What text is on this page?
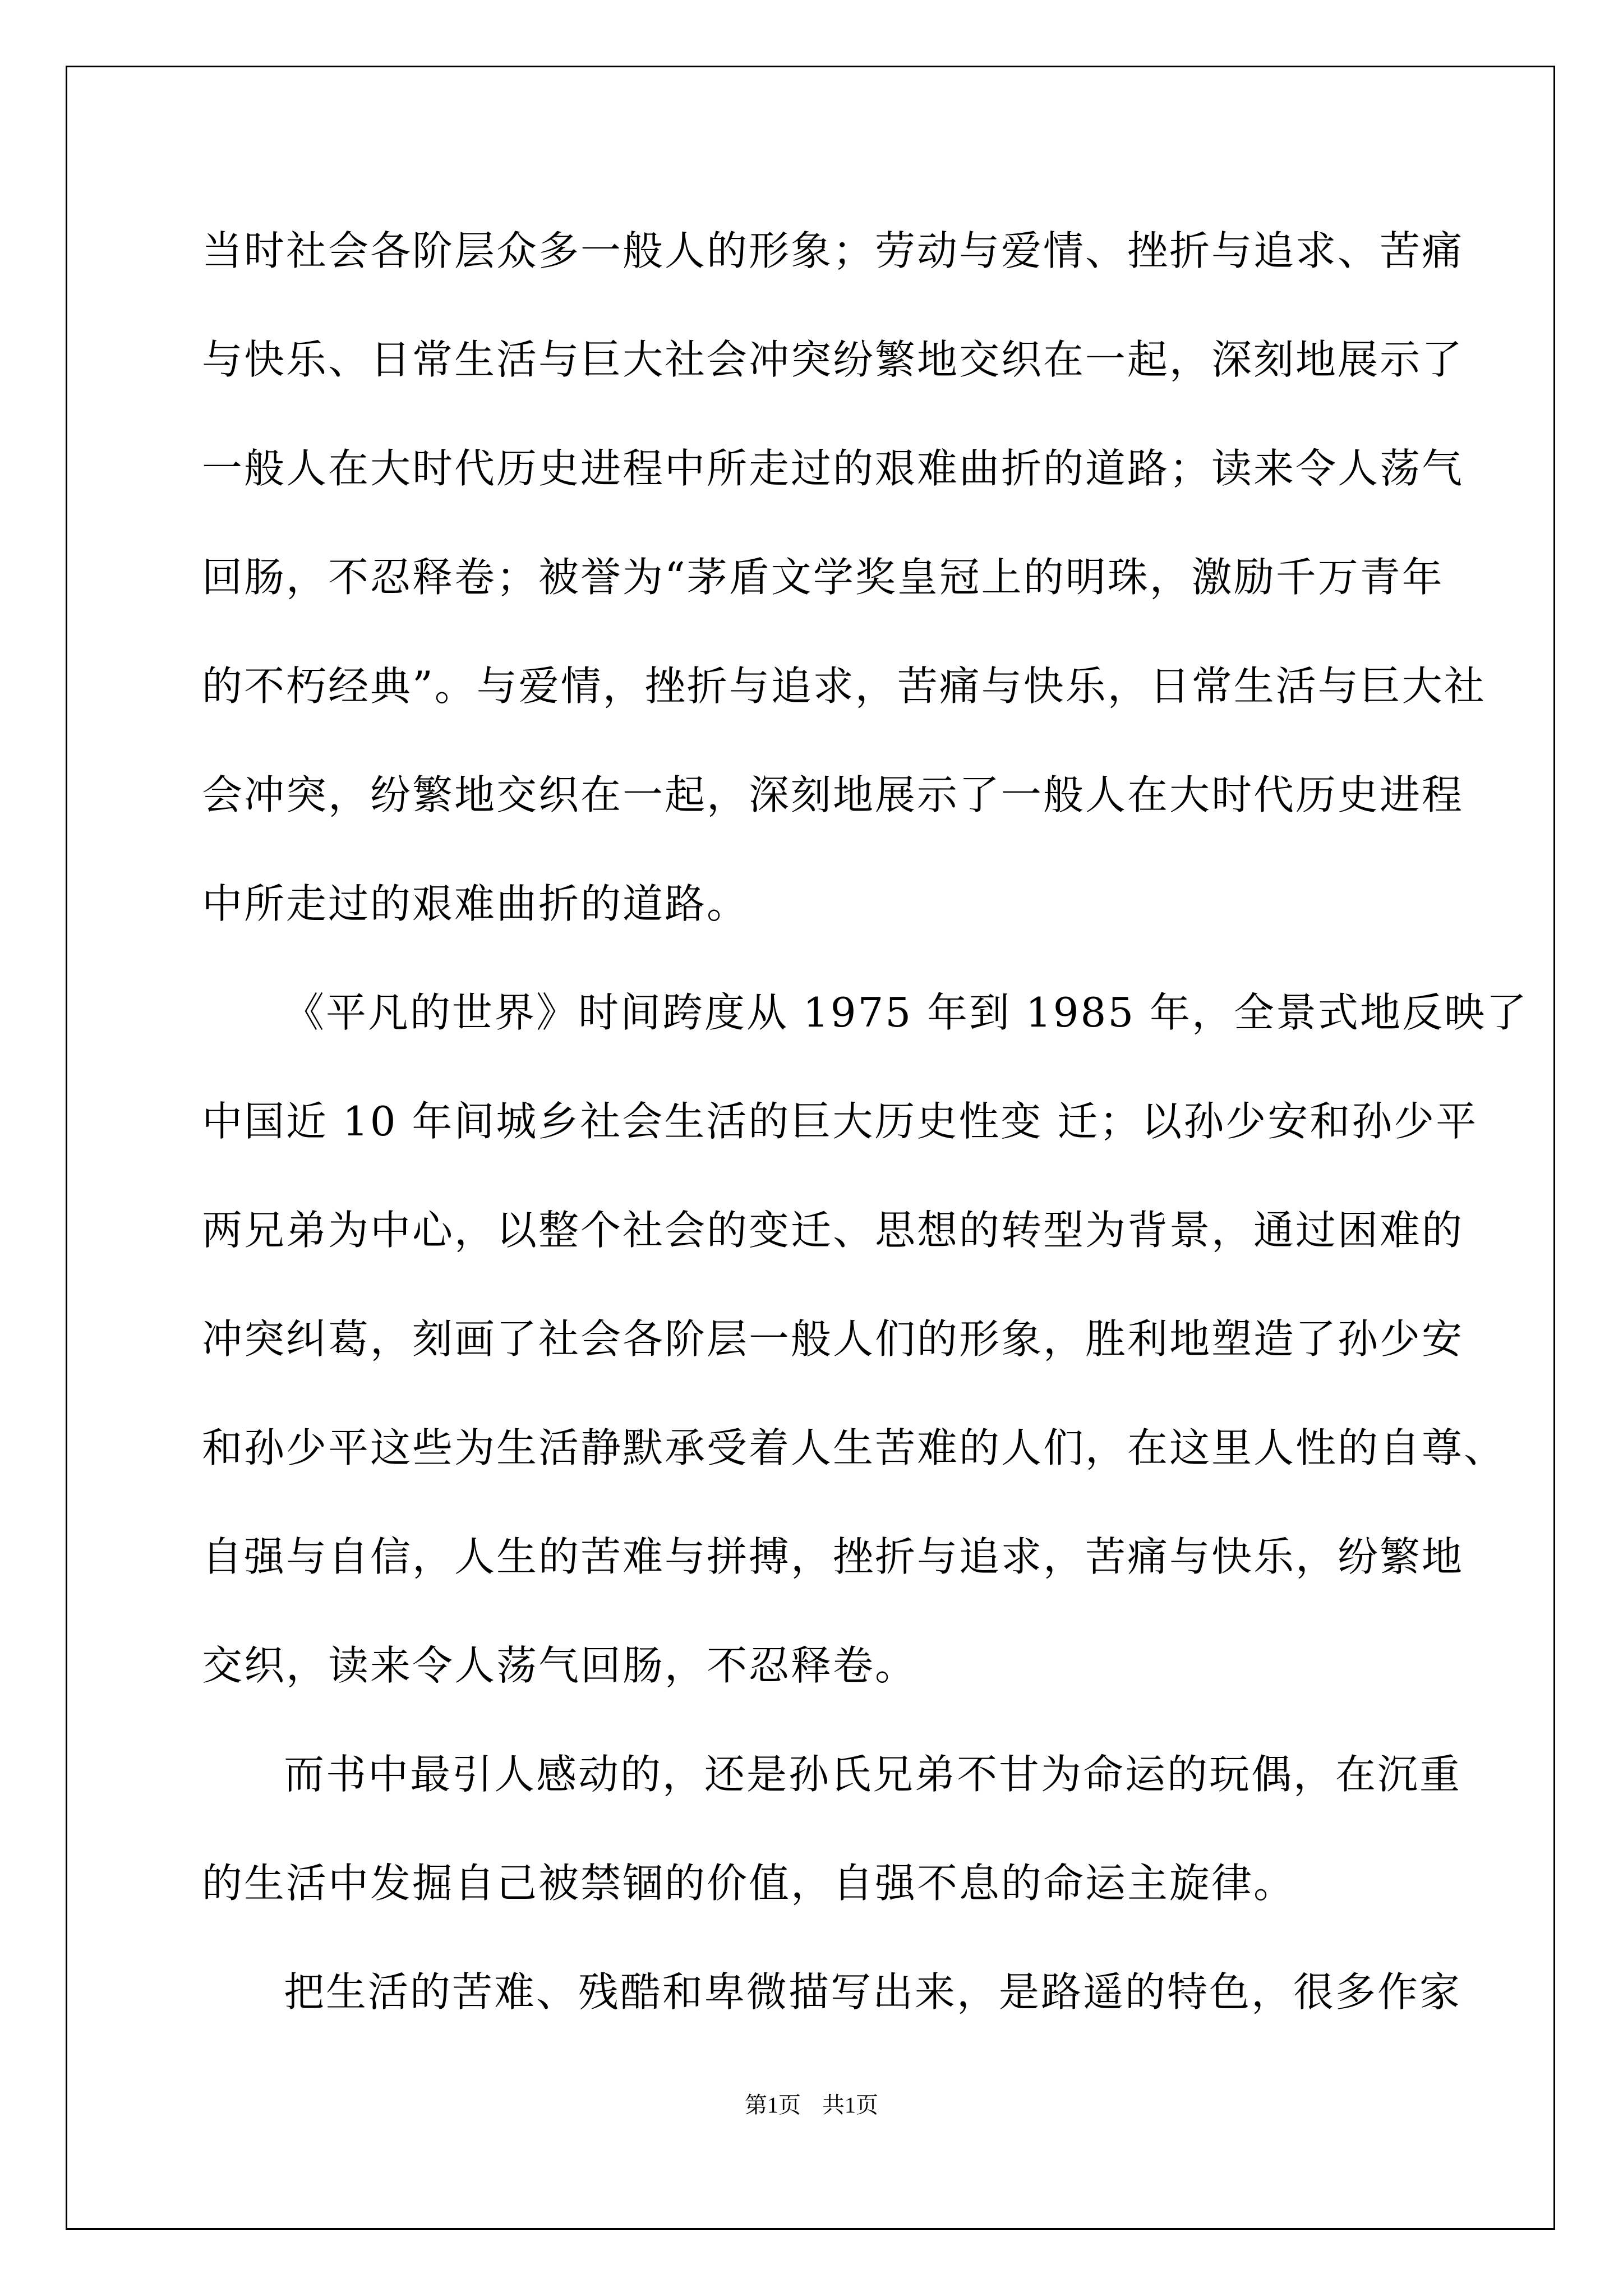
当时社会各阶层众多一般人的形象；劳动与爱情、挫折与追求、苦痛
与快乐、日常生活与巨大社会冲突纷繁地交织在一起，深刻地展示了
一般人在大时代历史进程中所走过的艰难曲折的道路；读来令人荡气
回肠，不忍释卷；被誉为“茅盾文学奖皇冠上的明珠，激励千万青年
的不朽经典”。与爱情，挫折与追求，苦痛与快乐，日常生活与巨大社
会冲突，纷繁地交织在一起，深刻地展示了一般人在大时代历史进程
中所走过的艰难曲折的道路。
《平凡的世界》时间跨度从 1975 年到 1985 年，全景式地反映了
中国近 10 年间城乡社会生活的巨大历史性变 迁；以孙少安和孙少平
两兄弟为中心，以整个社会的变迁、思想的转型为背景，通过困难的
冲突纠葛，刻画了社会各阶层一般人们的形象，胜利地塑造了孙少安
和孙少平这些为生活静默承受着人生苦难的人们，在这里人性的自尊、
自强与自信，人生的苦难与拼搏，挫折与追求，苦痛与快乐，纷繁地
交织，读来令人荡气回肠，不忍释卷。
而书中最引人感动的，还是孙氏兄弟不甘为命运的玩偶，在沉重
的生活中发掘自己被禁锢的价值，自强不息的命运主旋律。
把生活的苦难、残酷和卑微描写出来，是路遥的特色，很多作家
第1页 共1页
